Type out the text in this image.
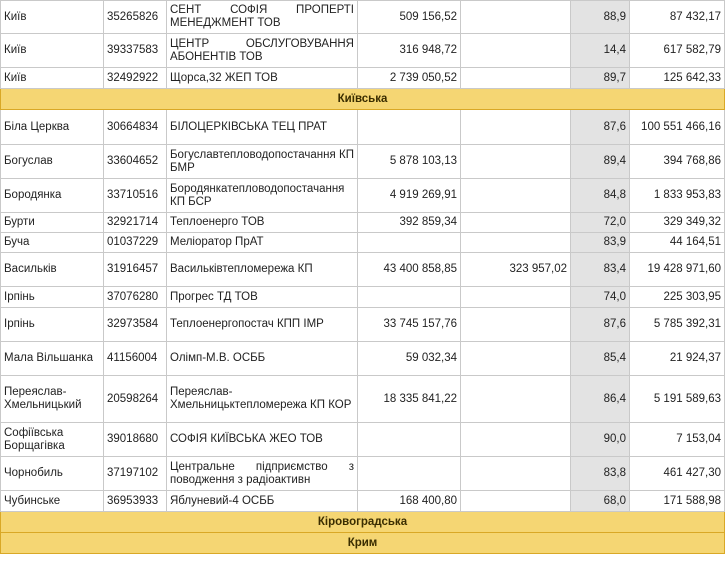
Київ	35265826	СЕНТ СОФІЯ ПРОПЕРТІ МЕНЕДЖМЕНТ ТОВ	509 156,52		88,9	87 432,17
Київ	39337583	ЦЕНТР ОБСЛУГОВУВАННЯ АБОНЕНТІВ ТОВ	316 948,72		14,4	617 582,79
Київ	32492922	Щорса,32 ЖЕП ТОВ	2 739 050,52		89,7	125 642,33
Київська						
Біла Церква	30664834	БІЛОЦЕРКІВСЬКА ТЕЦ ПРАТ			87,6	100 551 466,16
Богуслав	33604652	Богуславтепловодопостачання КП БМР	5 878 103,13		89,4	394 768,86
Бородянка	33710516	Бородянкатепловодопостачання КП БСР	4 919 269,91		84,8	1 833 953,83
Бурти	32921714	Теплоенерго ТОВ	392 859,34		72,0	329 349,32
Буча	01037229	Меліоратор ПрАТ			83,9	44 164,51
Васильків	31916457	Васильківтепломережа КП	43 400 858,85	323 957,02	83,4	19 428 971,60
Ірпінь	37076280	Прогрес ТД ТОВ			74,0	225 303,95
Ірпінь	32973584	Теплоенергопостач КПП ІМР	33 745 157,76		87,6	5 785 392,31
Мала Вільшанка	41156004	Олімп-М.В. ОСББ	59 032,34		85,4	21 924,37
Переяслав-Хмельницький	20598264	Переяслав-Хмельницьктепломережа КП КОР	18 335 841,22		86,4	5 191 589,63
Софіївська Борщагівка	39018680	СОФІЯ КИЇВСЬКА ЖЕО ТОВ			90,0	7 153,04
Чорнобиль	37197102	Центральне підприємство з поводження з радіоактивн			83,8	461 427,30
Чубинське	36953933	Яблуневий-4 ОСББ	168 400,80		68,0	171 588,98
Кіровоградська						
Крим						
